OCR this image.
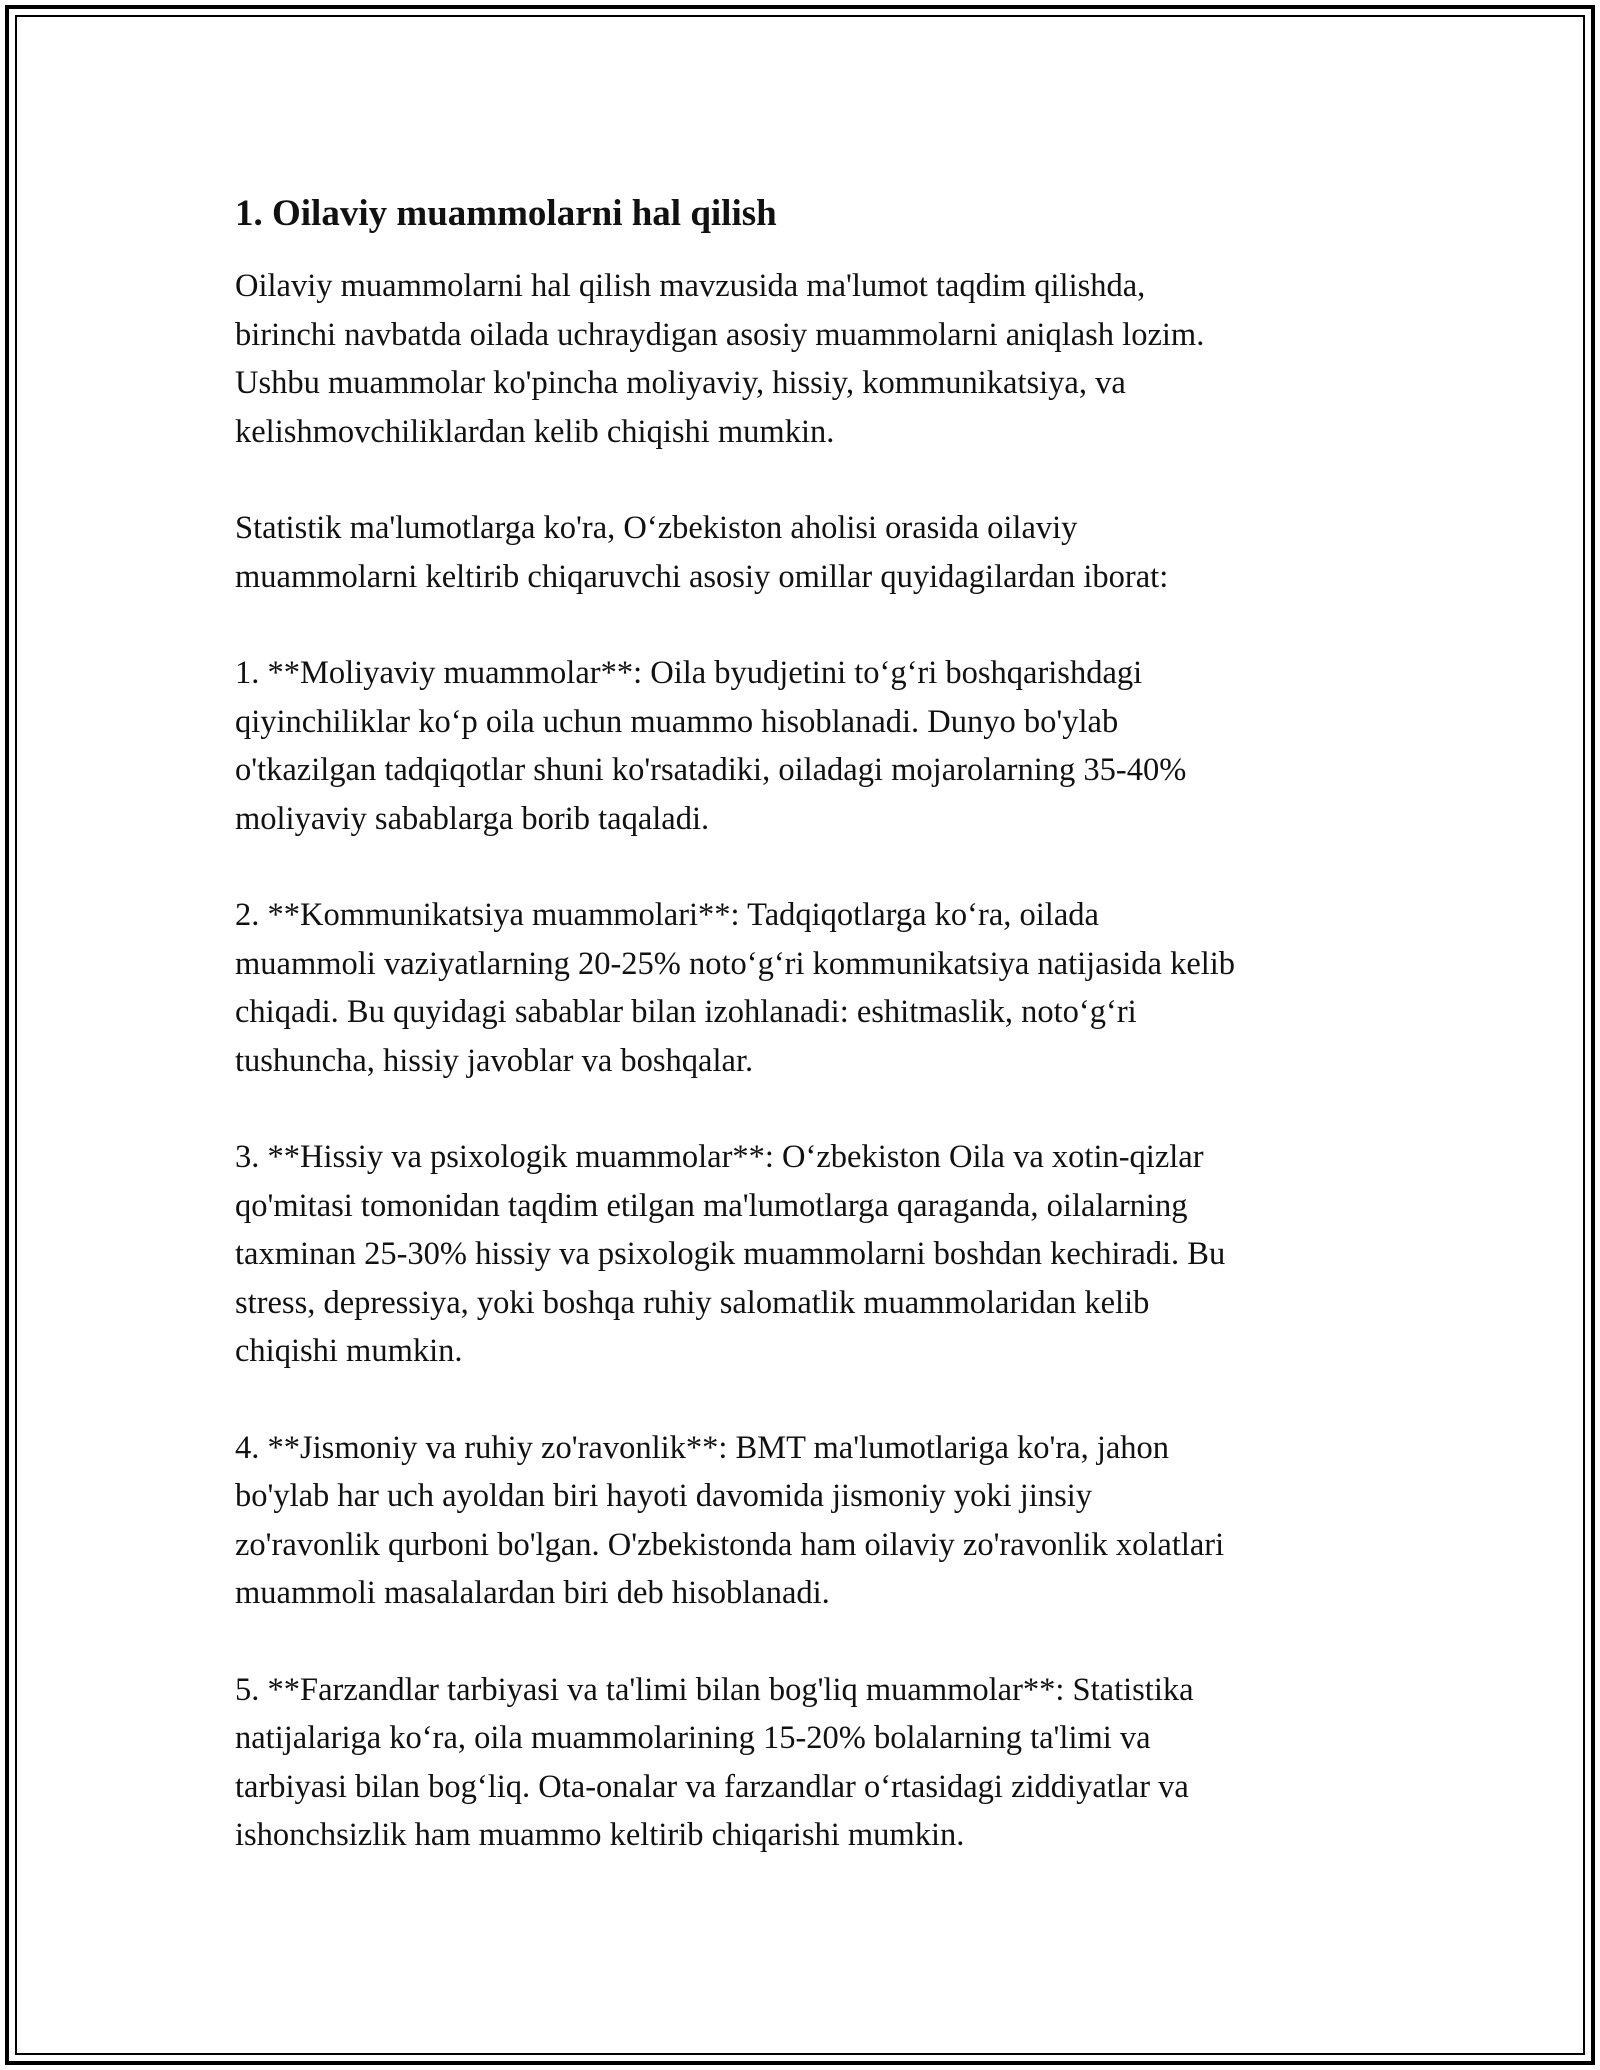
1. Oilaviy muammolarni hal qilish

Oilaviy muammolarni hal qilish mavzusida ma'lumot taqdim qilishda,
birinchi navbatda oilada uchraydigan asosiy muammolarni aniqlash lozim.
Ushbu muammolar ko'pincha moliyaviy, hissiy, kommunikatsiya, va
kelishmovchiliklardan kelib chiqishi mumkin.

Statistik ma'lumotlarga ko'ra, O‘zbekiston aholisi orasida oilaviy
muammolarni keltirib chiqaruvchi asosiy omillar quyidagilardan iborat:

1. **Moliyaviy muammolar**: Oila byudjetini to‘g‘ri boshqarishdagi
qiyinchiliklar ko‘p oila uchun muammo hisoblanadi. Dunyo bo'ylab
o'tkazilgan tadqiqotlar shuni ko'rsatadiki, oiladagi mojarolarning 35-40%
moliyaviy sabablarga borib taqaladi.

2. **Kommunikatsiya muammolari**: Tadqiqotlarga ko‘ra, oilada
muammoli vaziyatlarning 20-25% noto‘g‘ri kommunikatsiya natijasida kelib
chiqadi. Bu quyidagi sabablar bilan izohlanadi: eshitmaslik, noto‘g‘ri
tushuncha, hissiy javoblar va boshqalar.

3. **Hissiy va psixologik muammolar**: O‘zbekiston Oila va xotin-qizlar
qo'mitasi tomonidan taqdim etilgan ma'lumotlarga qaraganda, oilalarning
taxminan 25-30% hissiy va psixologik muammolarni boshdan kechiradi. Bu
stress, depressiya, yoki boshqa ruhiy salomatlik muammolaridan kelib
chiqishi mumkin.

4. **Jismoniy va ruhiy zo'ravonlik**: BMT ma'lumotlariga ko'ra, jahon
bo'ylab har uch ayoldan biri hayoti davomida jismoniy yoki jinsiy
zo'ravonlik qurboni bo'lgan. O'zbekistonda ham oilaviy zo'ravonlik xolatlari
muammoli masalalardan biri deb hisoblanadi.

5. **Farzandlar tarbiyasi va ta'limi bilan bog'liq muammolar**: Statistika
natijalariga ko‘ra, oila muammolarining 15-20% bolalarning ta'limi va
tarbiyasi bilan bog‘liq. Ota-onalar va farzandlar o‘rtasidagi ziddiyatlar va
ishonchsizlik ham muammo keltirib chiqarishi mumkin.
